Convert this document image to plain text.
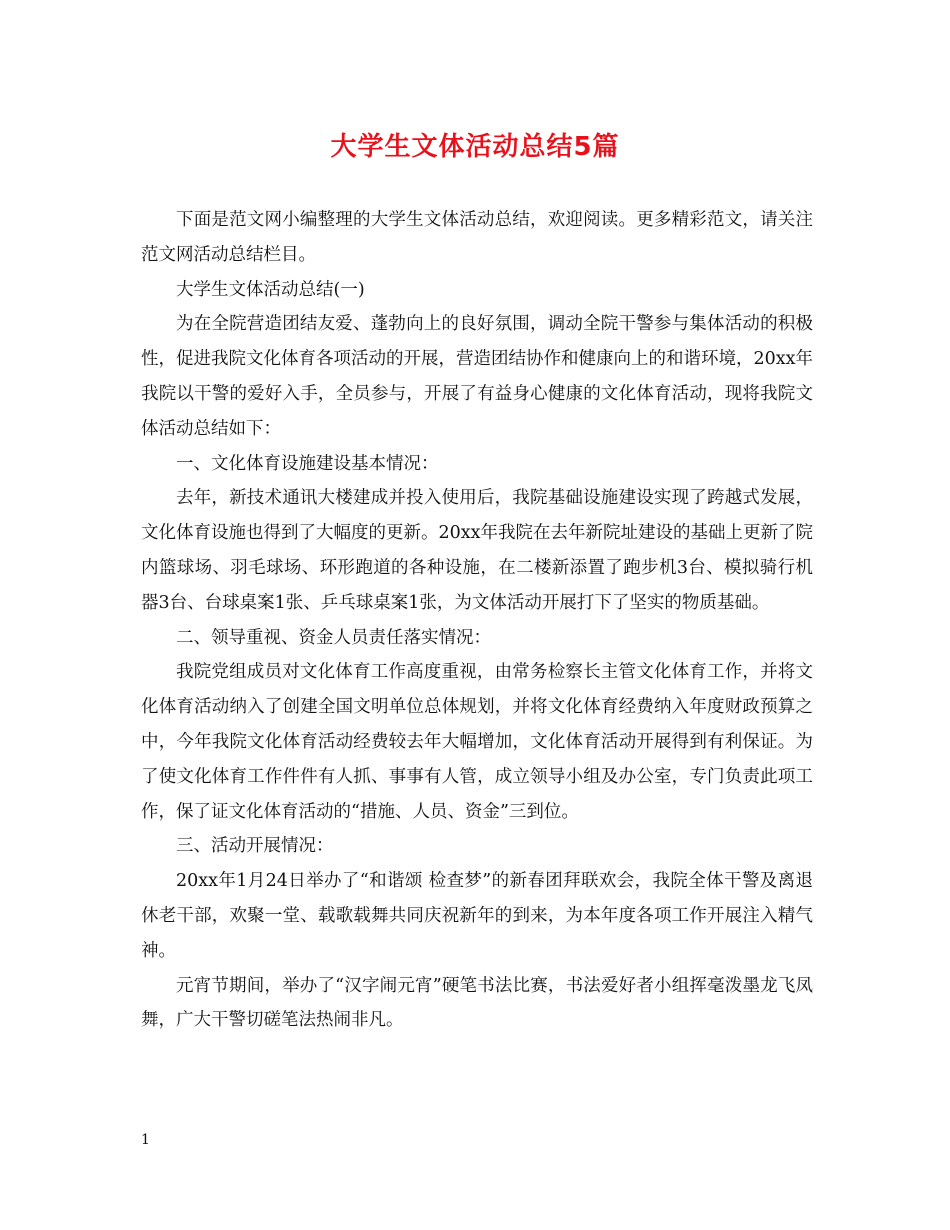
大学生文体活动总结5篇

下面是范文网小编整理的大学生文体活动总结，欢迎阅读。更多精彩范文，请关注范文网活动总结栏目。

大学生文体活动总结(一)

为在全院营造团结友爱、蓬勃向上的良好氛围，调动全院干警参与集体活动的积极性，促进我院文化体育各项活动的开展，营造团结协作和健康向上的和谐环境，20xx年我院以干警的爱好入手，全员参与，开展了有益身心健康的文化体育活动，现将我院文体活动总结如下：

一、文化体育设施建设基本情况：

去年，新技术通讯大楼建成并投入使用后，我院基础设施建设实现了跨越式发展，文化体育设施也得到了大幅度的更新。20xx年我院在去年新院址建设的基础上更新了院内篮球场、羽毛球场、环形跑道的各种设施，在二楼新添置了跑步机3台、模拟骑行机器3台、台球桌案1张、乒乓球桌案1张，为文体活动开展打下了坚实的物质基础。

二、领导重视、资金人员责任落实情况：

我院党组成员对文化体育工作高度重视，由常务检察长主管文化体育工作，并将文化体育活动纳入了创建全国文明单位总体规划，并将文化体育经费纳入年度财政预算之中，今年我院文化体育活动经费较去年大幅增加，文化体育活动开展得到有利保证。为了使文化体育工作件件有人抓、事事有人管，成立领导小组及办公室，专门负责此项工作，保了证文化体育活动的“措施、人员、资金”三到位。

三、活动开展情况：

20xx年1月24日举办了“和谐颂 检查梦”的新春团拜联欢会，我院全体干警及离退休老干部，欢聚一堂、载歌载舞共同庆祝新年的到来，为本年度各项工作开展注入精气神。

元宵节期间，举办了“汉字闹元宵”硬笔书法比赛，书法爱好者小组挥毫泼墨龙飞凤舞，广大干警切磋笔法热闹非凡。

1
